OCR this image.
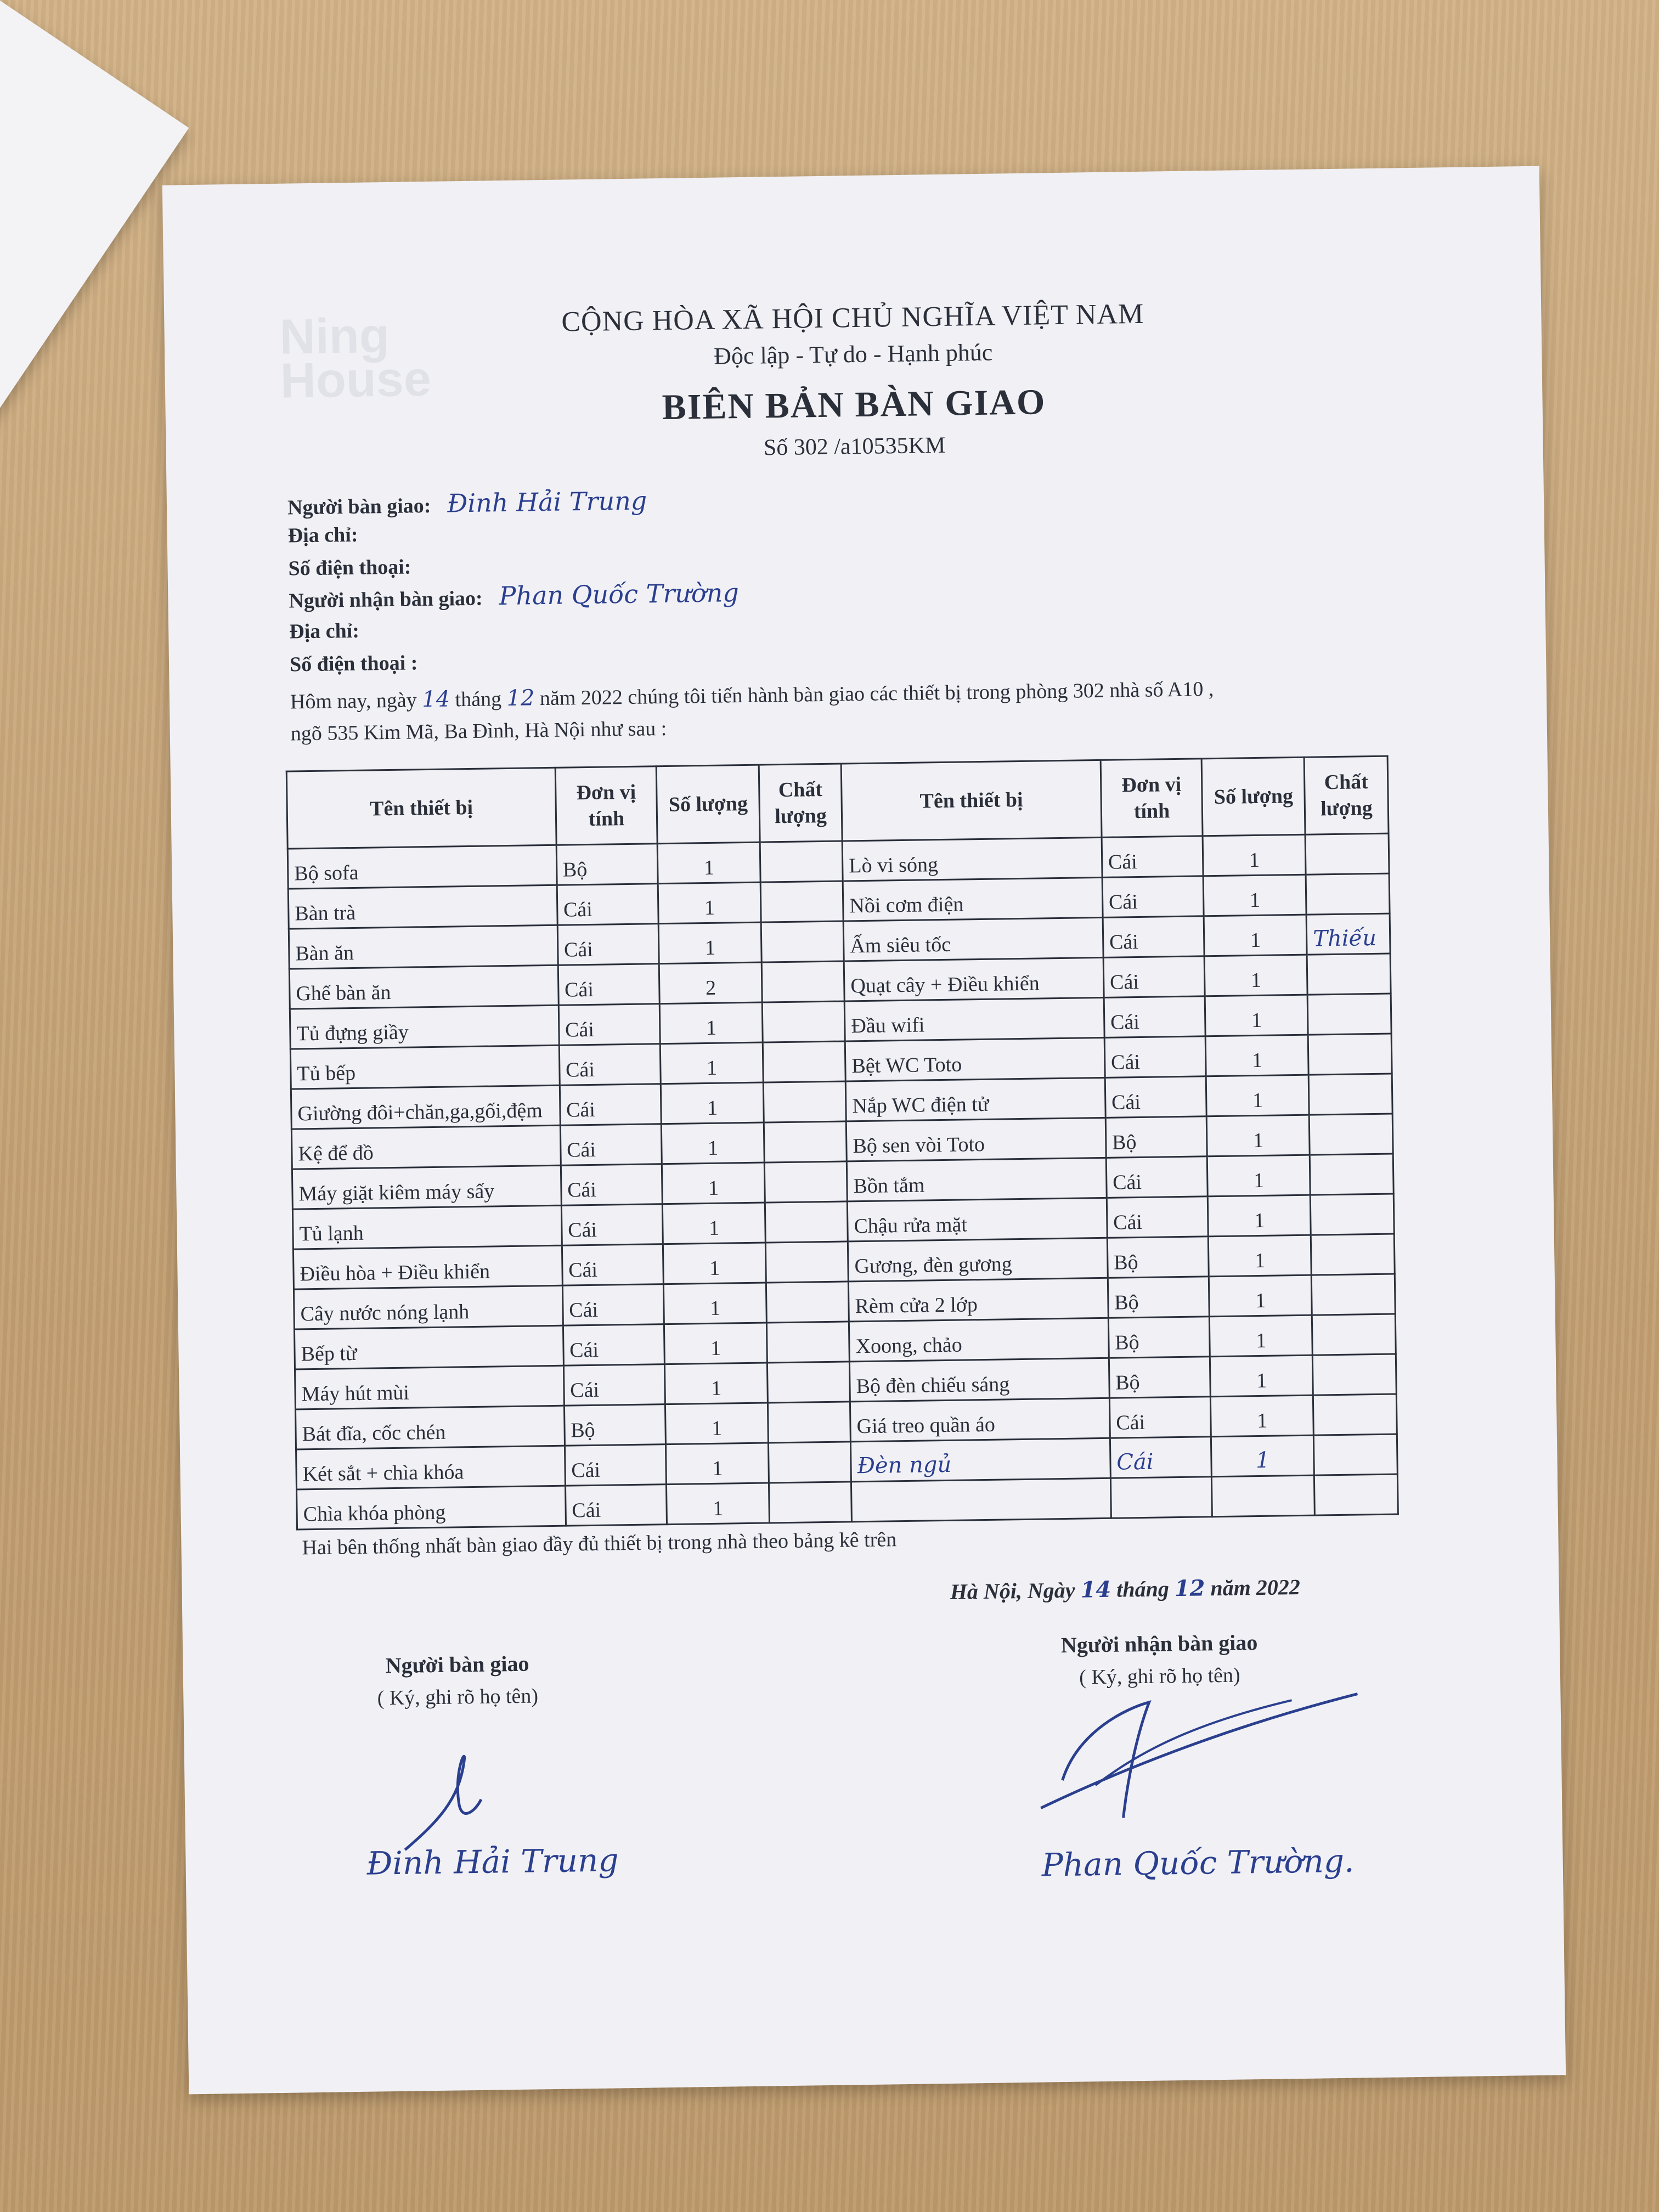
Ning
House
CỘNG HÒA XÃ HỘI CHỦ NGHĨA VIỆT NAM
Độc lập - Tự do - Hạnh phúc
BIÊN BẢN BÀN GIAO
Số 302 /a10535KM
Người bàn giao: Đinh Hải Trung
Địa chỉ:
Số điện thoại:
Người nhận bàn giao: Phan Quốc Trường
Địa chỉ:
Số điện thoại :
Hôm nay, ngày 14 tháng 12 năm 2022 chúng tôi tiến hành bàn giao các thiết bị trong phòng 302 nhà số A10 ,
ngõ 535 Kim Mã, Ba Đình, Hà Nội như sau :
Tên thiết bị	Đơn vị tính	Số lượng	Chất lượng	Tên thiết bị	Đơn vị tính	Số lượng	Chất lượng
Bộ sofa	Bộ	1		Lò vi sóng	Cái	1	
Bàn trà	Cái	1		Nồi cơm điện	Cái	1	
Bàn ăn	Cái	1		Ấm siêu tốc	Cái	1	Thiếu
Ghế bàn ăn	Cái	2		Quạt cây + Điều khiển	Cái	1	
Tủ đựng giầy	Cái	1		Đầu wifi	Cái	1	
Tủ bếp	Cái	1		Bệt WC Toto	Cái	1	
Giường đôi+chăn,ga,gối,đệm	Cái	1		Nắp WC điện tử	Cái	1	
Kệ để đồ	Cái	1		Bộ sen vòi Toto	Bộ	1	
Máy giặt kiêm máy sấy	Cái	1		Bồn tắm	Cái	1	
Tủ lạnh	Cái	1		Chậu rửa mặt	Cái	1	
Điều hòa + Điều khiển	Cái	1		Gương, đèn gương	Bộ	1	
Cây nước nóng lạnh	Cái	1		Rèm cửa 2 lớp	Bộ	1	
Bếp từ	Cái	1		Xoong, chảo	Bộ	1	
Máy hút mùi	Cái	1		Bộ đèn chiếu sáng	Bộ	1	
Bát đĩa, cốc chén	Bộ	1		Giá treo quần áo	Cái	1	
Két sắt + chìa khóa	Cái	1		Đèn ngủ	Cái	1	
Chìa khóa phòng	Cái	1					
Hai bên thống nhất bàn giao đầy đủ thiết bị trong nhà theo bảng kê trên
Hà Nội, Ngày 14 tháng 12 năm 2022
Người bàn giao
( Ký, ghi rõ họ tên)
Đinh Hải Trung
Người nhận bàn giao
( Ký, ghi rõ họ tên)
Phan Quốc Trường.
